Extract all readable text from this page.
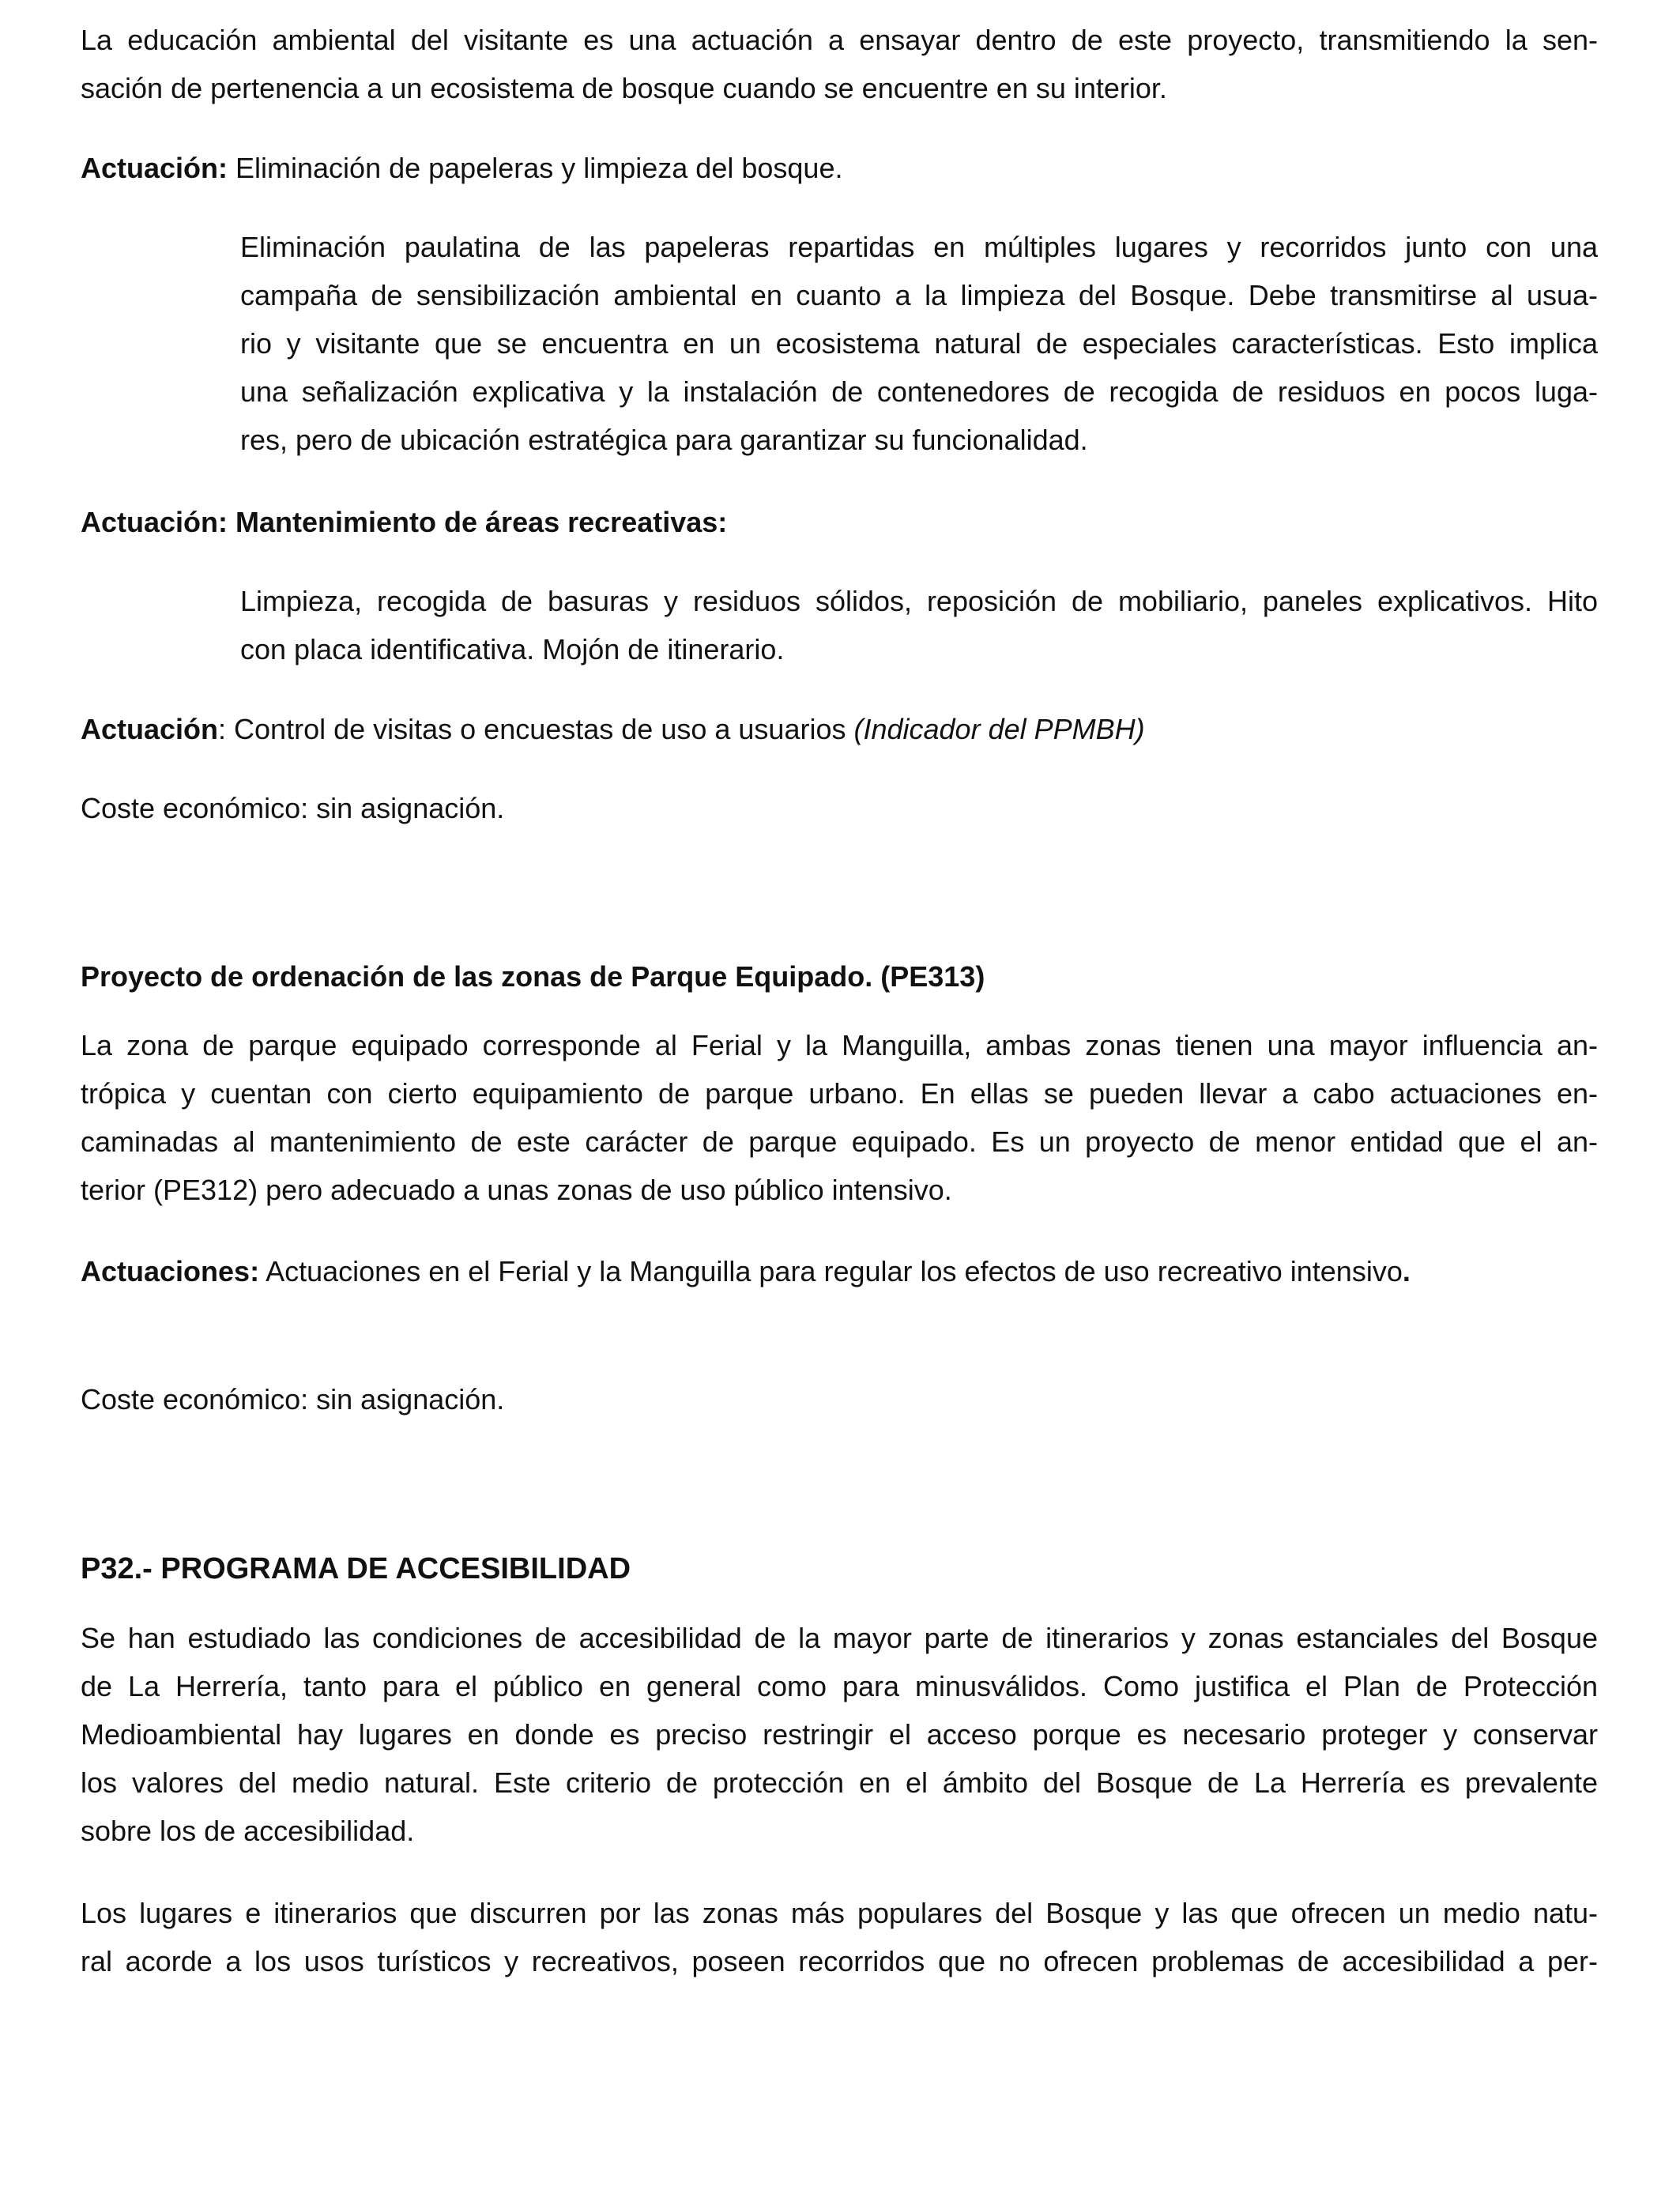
La educación ambiental del visitante es una actuación a ensayar dentro de este proyecto, transmitiendo la sen-
sación de pertenencia a un ecosistema de bosque cuando se encuentre en su interior.

Actuación: Eliminación de papeleras y limpieza del bosque.

Eliminación paulatina de las papeleras repartidas en múltiples lugares y recorridos junto con una
campaña de sensibilización ambiental en cuanto a la limpieza del Bosque. Debe transmitirse al usua-
rio y visitante que se encuentra en un ecosistema natural de especiales características. Esto implica
una señalización explicativa y la instalación de contenedores de recogida de residuos en pocos luga-
res, pero de ubicación estratégica para garantizar su funcionalidad.

Actuación: Mantenimiento de áreas recreativas:

Limpieza, recogida de basuras y residuos sólidos, reposición de mobiliario, paneles explicativos. Hito
con placa identificativa. Mojón de itinerario.

Actuación: Control de visitas o encuestas de uso a usuarios (Indicador del PPMBH)

Coste económico: sin asignación.

Proyecto de ordenación de las zonas de Parque Equipado. (PE313)

La zona de parque equipado corresponde al Ferial y la Manguilla, ambas zonas tienen una mayor influencia an-
trópica y cuentan con cierto equipamiento de parque urbano. En ellas se pueden llevar a cabo actuaciones en-
caminadas al mantenimiento de este carácter de parque equipado. Es un proyecto de menor entidad que el an-
terior (PE312) pero adecuado a unas zonas de uso público intensivo.

Actuaciones: Actuaciones en el Ferial y la Manguilla para regular los efectos de uso recreativo intensivo.

Coste económico: sin asignación.

P32.- PROGRAMA DE ACCESIBILIDAD

Se han estudiado las condiciones de accesibilidad de la mayor parte de itinerarios y zonas estanciales del Bosque
de La Herrería, tanto para el público en general como para minusválidos. Como justifica el Plan de Protección
Medioambiental hay lugares en donde es preciso restringir el acceso porque es necesario proteger y conservar
los valores del medio natural. Este criterio de protección en el ámbito del Bosque de La Herrería es prevalente
sobre los de accesibilidad.

Los lugares e itinerarios que discurren por las zonas más populares del Bosque y las que ofrecen un medio natu-
ral acorde a los usos turísticos y recreativos, poseen recorridos que no ofrecen problemas de accesibilidad a per-
